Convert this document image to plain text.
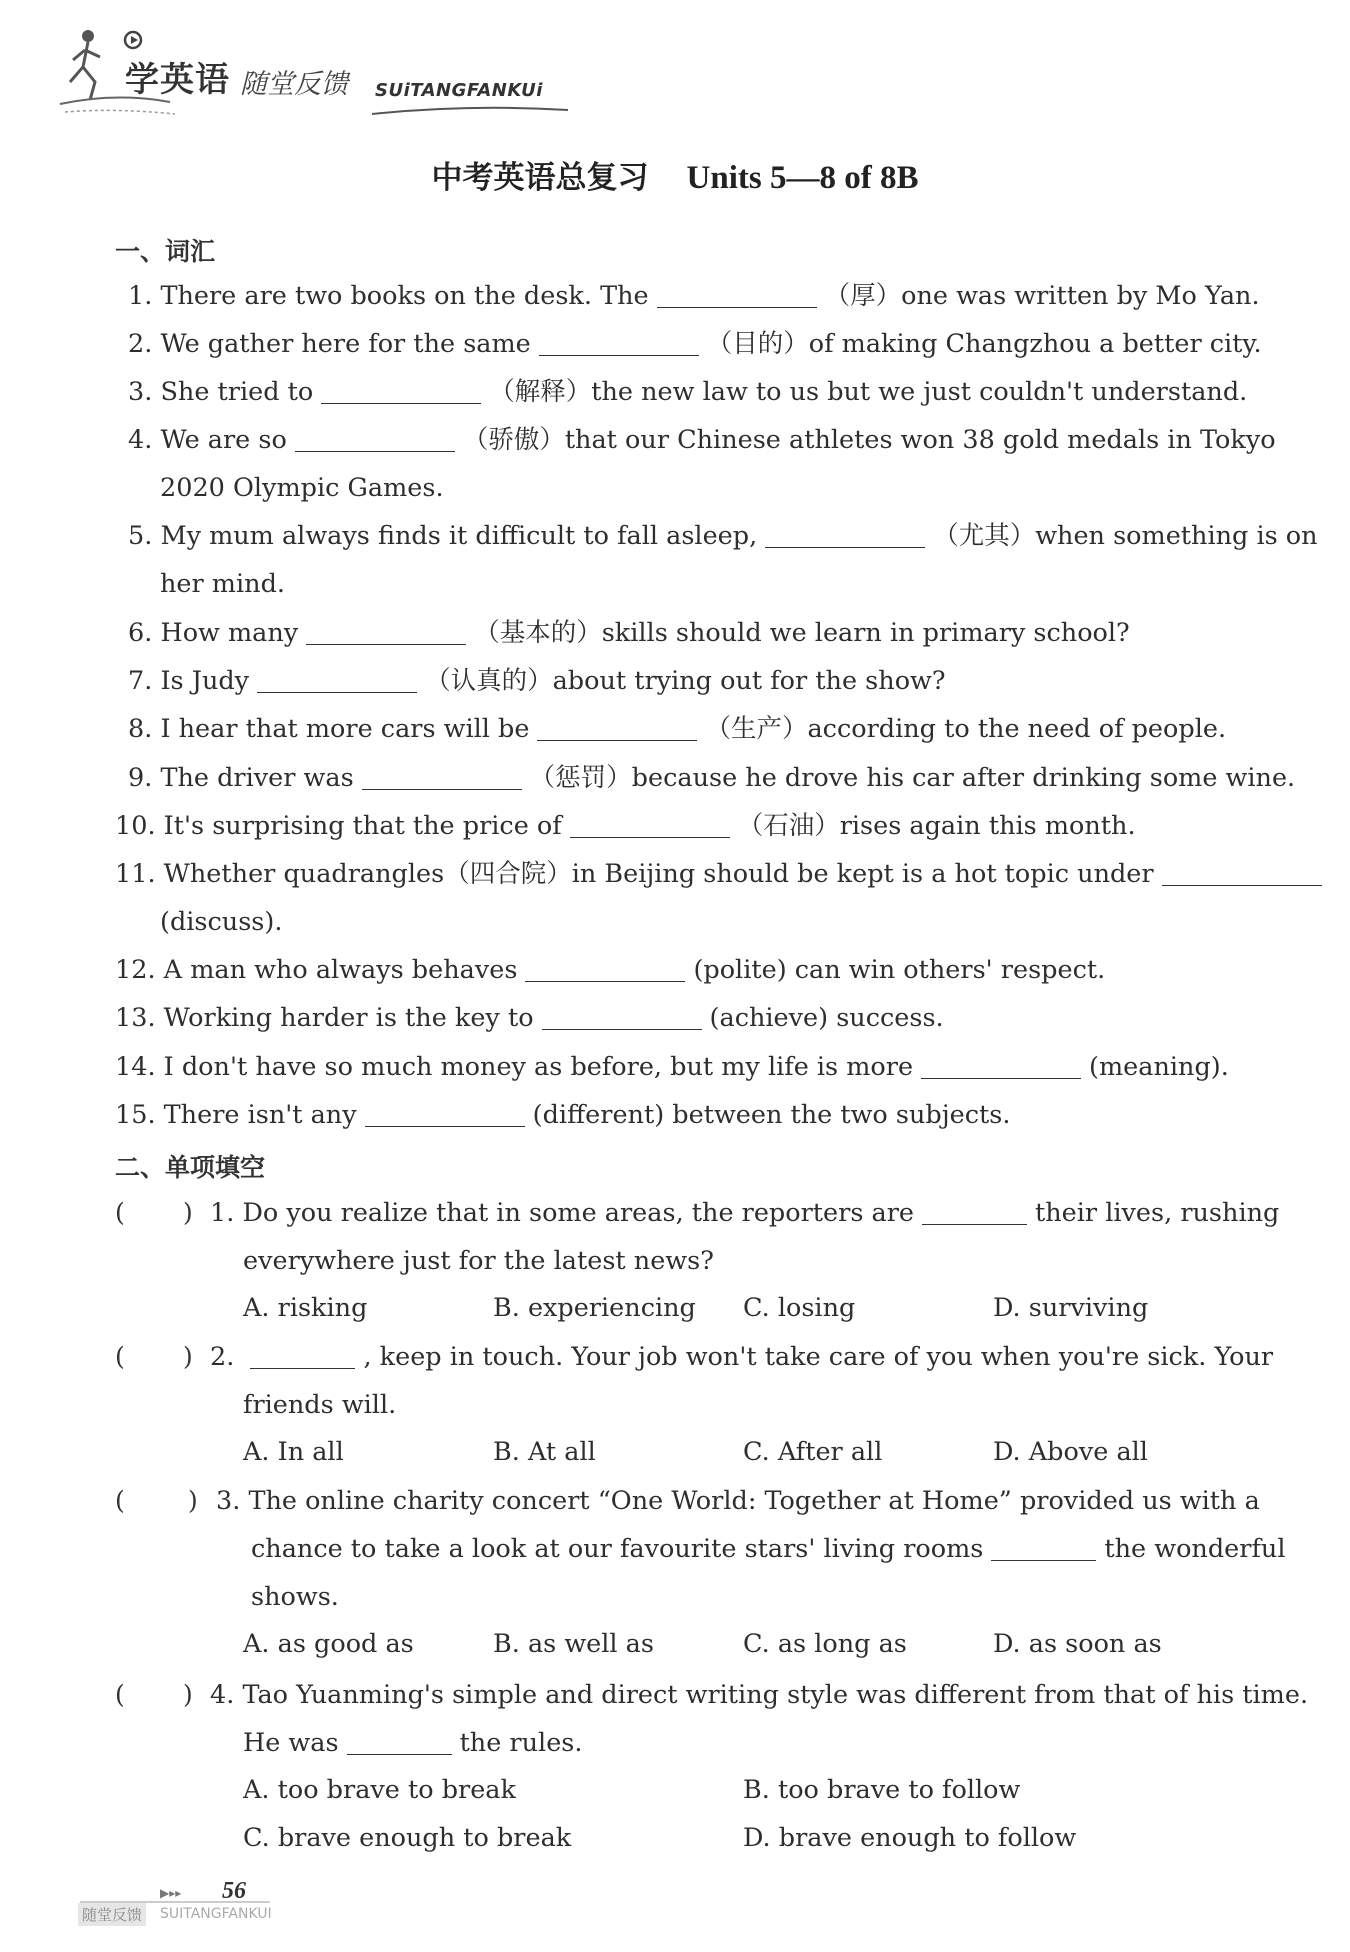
学英语 随堂反馈 SUiTANGFANKUi
中考英语总复习 Units 5—8 of 8B
一、词汇
1. There are two books on the desk. The	（厚）one was written by Mo Yan.
2. We gather here for the same	（目的）of making Changzhou a better city.
3. She tried to	（解释）the new law to us but we just couldn't understand.
4. We are so	（骄傲）that our Chinese athletes won 38 gold medals in Tokyo
2020 Olympic Games.
5. My mum always finds it difficult to fall asleep,	（尤其）when something is on
her mind.
6. How many	（基本的）skills should we learn in primary school?
7. Is Judy	（认真的）about trying out for the show?
8. I hear that more cars will be	（生产）according to the need of people.
9. The driver was	（惩罚）because he drove his car after drinking some wine.
10. It's surprising that the price of	（石油）rises again this month.
11. Whether quadrangles（四合院）in Beijing should be kept is a hot topic under
(discuss).
12. A man who always behaves	(polite) can win others' respect.
13. Working harder is the key to	(achieve) success.
14. I don't have so much money as before, but my life is more	(meaning).
15. There isn't any	(different) between the two subjects.
二、单项填空
( ) 1. Do you realize that in some areas, the reporters are	their lives, rushing
everywhere just for the latest news?
A. risking	B. experiencing C. losing	D. surviving
( ) 2.	, keep in touch. Your job won't take care of you when you're sick. Your
friends will.
A. In all	B. At all	C. After all	D. Above all
(	) 3. The online charity concert “One World: Together at Home” provided us with a
chance to take a look at our favourite stars' living rooms	the wonderful
shows.
A. as good as	B. as well as	C. as long as	D. as soon as
( ) 4. Tao Yuanming's simple and direct writing style was different from that of his time.
He was	the rules.
A. too brave to break	B. too brave to follow
C. brave enough to break	D. brave enough to follow
▶▸▸ 56
随堂反馈 SUITANGFANKUI
